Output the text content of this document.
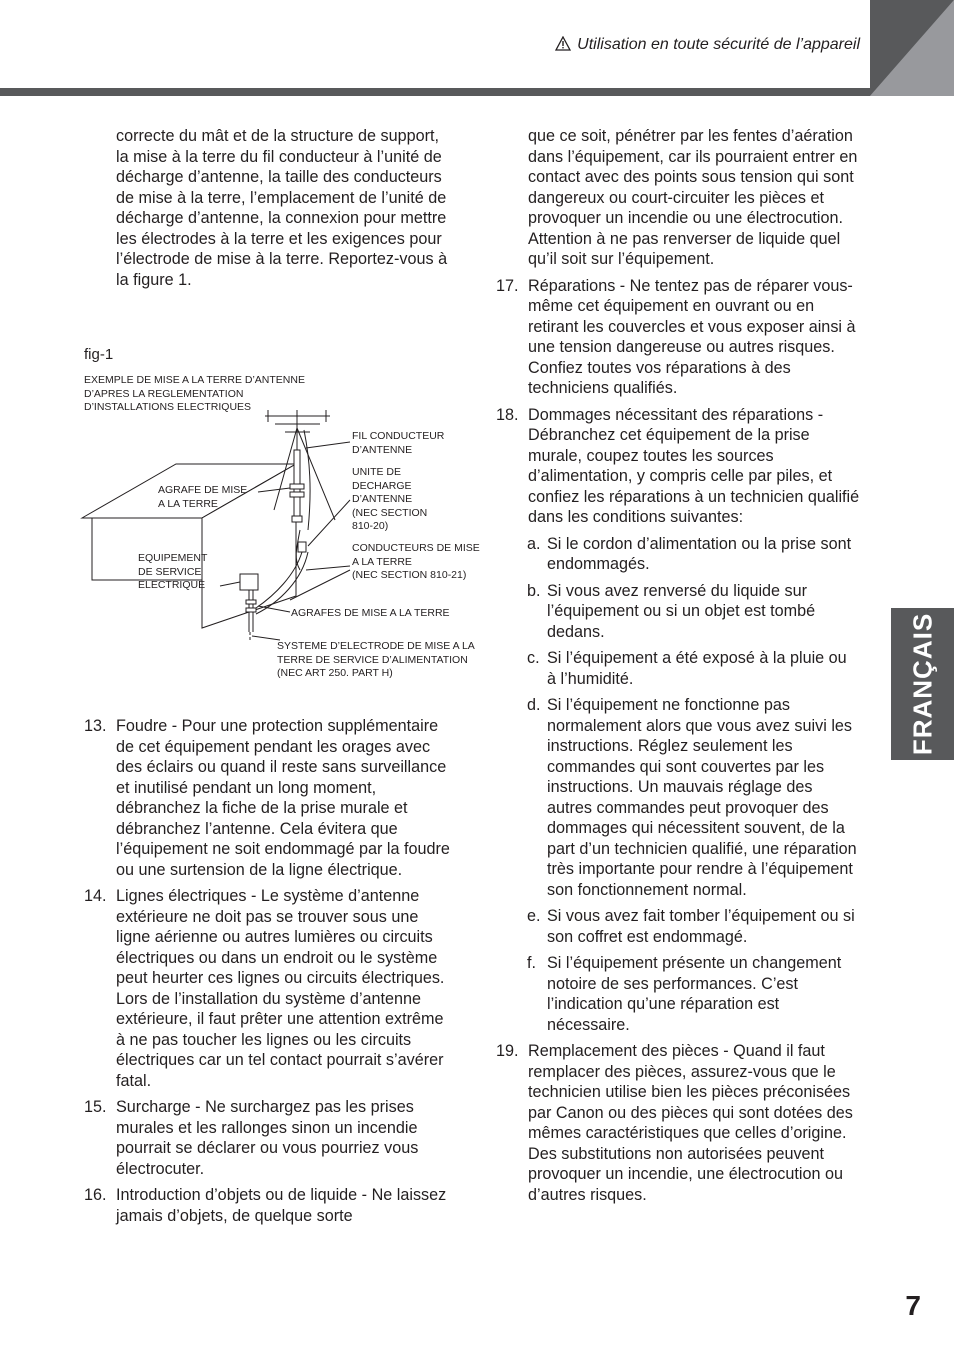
Utilisation en toute sécurité de l’appareil

correcte du mât et de la structure de support, la mise à la terre du fil conducteur à l’unité de décharge d’antenne, la taille des conducteurs de mise à la terre, l’emplacement de l’unité de décharge d’antenne, la connexion pour mettre les électrodes à la terre et les exigences pour l’électrode de mise à la terre. Reportez-vous à la figure 1.

fig-1
EXEMPLE DE MISE A LA TERRE D’ANTENNE
D’APRES LA REGLEMENTATION
D’INSTALLATIONS ELECTRIQUES
FIL CONDUCTEUR
D’ANTENNE
UNITE DE
DECHARGE
D’ANTENNE
(NEC SECTION
810-20)
AGRAFE DE MISE
A LA TERRE
EQUIPEMENT
DE SERVICE
ELECTRIQUE
CONDUCTEURS DE MISE
A LA TERRE
(NEC SECTION 810-21)
AGRAFES DE MISE A LA TERRE
SYSTEME D’ELECTRODE DE MISE A LA
TERRE DE SERVICE D’ALIMENTATION
(NEC ART 250. PART H)
13. Foudre - Pour une protection supplémentaire de cet équipement pendant les orages avec des éclairs ou quand il reste sans surveillance et inutilisé pendant un long moment, débranchez la fiche de la prise murale et débranchez l’antenne. Cela évitera que l’équipement ne soit endommagé par la foudre ou une surtension de la ligne électrique.

14. Lignes électriques - Le système d’antenne extérieure ne doit pas se trouver sous une ligne aérienne ou autres lumières ou circuits électriques ou dans un endroit ou le système peut heurter ces lignes ou circuits électriques. Lors de l’installation du système d’antenne extérieure, il faut prêter une attention extrême à ne pas toucher les lignes ou les circuits électriques car un tel contact pourrait s’avérer fatal.

15. Surcharge - Ne surchargez pas les prises murales et les rallonges sinon un incendie pourrait se déclarer ou vous pourriez vous électrocuter.

16. Introduction d’objets ou de liquide - Ne laissez jamais d’objets, de quelque sorte

que ce soit, pénétrer par les fentes d’aération dans l’équipement, car ils pourraient entrer en contact avec des points sous tension qui sont dangereux ou court-circuiter les pièces et provoquer un incendie ou une électrocution. Attention à ne pas renverser de liquide quel qu’il soit sur l’équipement.

17. Réparations - Ne tentez pas de réparer vous-même cet équipement en ouvrant ou en retirant les couvercles et vous exposer ainsi à une tension dangereuse ou autres risques. Confiez toutes vos réparations à des techniciens qualifiés.

18. Dommages nécessitant des réparations - Débranchez cet équipement de la prise murale, coupez toutes les sources d’alimentation, y compris celle par piles, et confiez les réparations à un technicien qualifié dans les conditions suivantes:

a. Si le cordon d’alimentation ou la prise sont endommagés.

b. Si vous avez renversé du liquide sur l’équipement ou si un objet est tombé dedans.

c. Si l’équipement a été exposé à la pluie ou à l’humidité.

d. Si l’équipement ne fonctionne pas normalement alors que vous avez suivi les instructions. Réglez seulement les commandes qui sont couvertes par les instructions. Un mauvais réglage des autres commandes peut provoquer des dommages qui nécessitent souvent, de la part d’un technicien qualifié, une réparation très importante pour rendre à l’équipement son fonctionnement normal.

e. Si vous avez fait tomber l’équipement ou si son coffret est endommagé.

f. Si l’équipement présente un changement notoire de ses performances. C’est l’indication qu’une réparation est nécessaire.

19. Remplacement des pièces - Quand il faut remplacer des pièces, assurez-vous que le technicien utilise bien les pièces préconisées par Canon ou des pièces qui sont dotées des mêmes caractéristiques que celles d’origine. Des substitutions non autorisées peuvent provoquer un incendie, une électrocution ou d’autres risques.

FRANÇAIS
7
